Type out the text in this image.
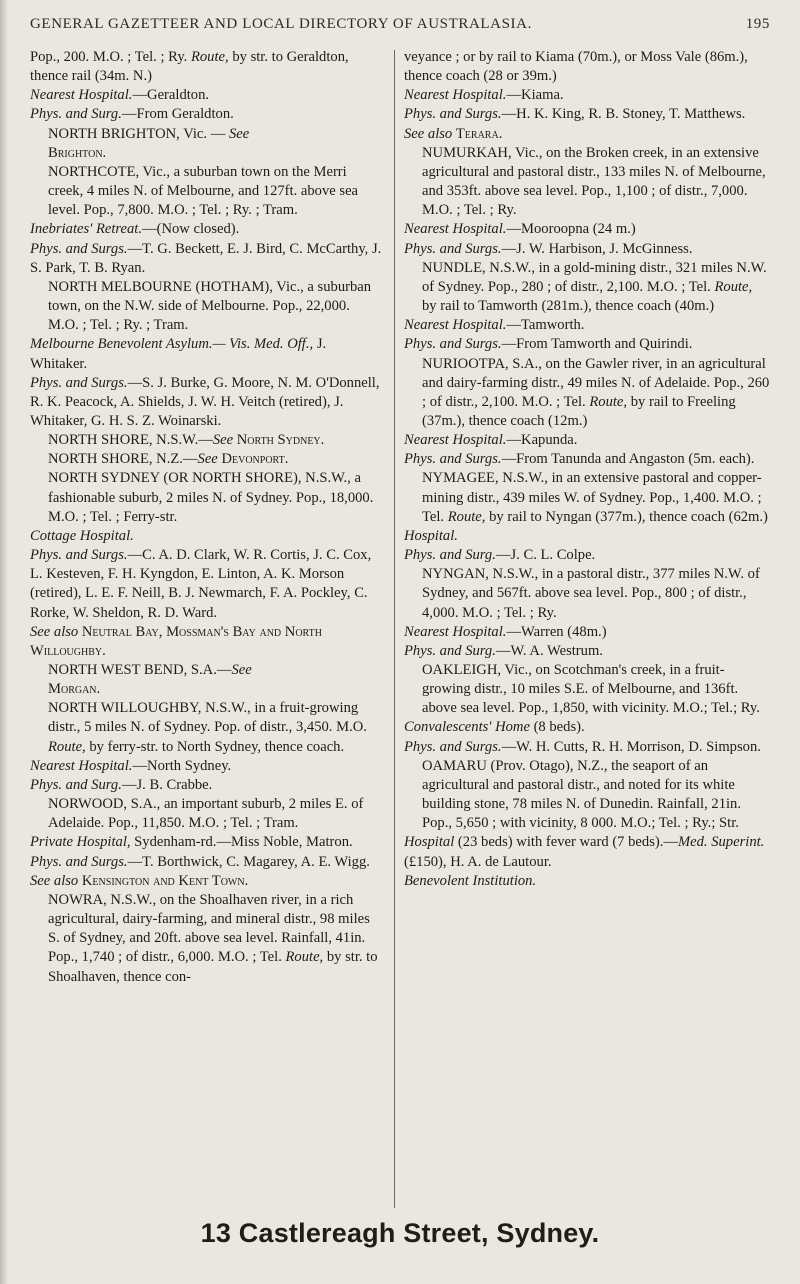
GENERAL GAZETTEER AND LOCAL DIRECTORY OF AUSTRALASIA.	195

Pop., 200. M.O. ; Tel. ; Ry. Route, by str. to Geraldton, thence rail (34m. N.)

Nearest Hospital.—Geraldton.

Phys. and Surg.—From Geraldton.

NORTH BRIGHTON, Vic. — See
Brighton.

NORTHCOTE, Vic., a suburban town on the Merri creek, 4 miles N. of Melbourne, and 127ft. above sea level. Pop., 7,800. M.O. ; Tel. ; Ry. ; Tram.

Inebriates' Retreat.—(Now closed).

Phys. and Surgs.—T. G. Beckett, E. J. Bird, C. McCarthy, J. S. Park, T. B. Ryan.

NORTH MELBOURNE (HOTHAM), Vic., a suburban town, on the N.W. side of Melbourne. Pop., 22,000. M.O. ; Tel. ; Ry. ; Tram.

Melbourne Benevolent Asylum.— Vis. Med. Off., J. Whitaker.

Phys. and Surgs.—S. J. Burke, G. Moore, N. M. O'Donnell, R. K. Peacock, A. Shields, J. W. H. Veitch (retired), J. Whitaker, G. H. S. Z. Woinarski.

NORTH SHORE, N.S.W.—See North Sydney.

NORTH SHORE, N.Z.—See Devonport.

NORTH SYDNEY (OR NORTH SHORE), N.S.W., a fashionable suburb, 2 miles N. of Sydney. Pop., 18,000. M.O. ; Tel. ; Ferry-str.

Cottage Hospital.

Phys. and Surgs.—C. A. D. Clark, W. R. Cortis, J. C. Cox, L. Kesteven, F. H. Kyngdon, E. Linton, A. K. Morson (retired), L. E. F. Neill, B. J. Newmarch, F. A. Pockley, C. Rorke, W. Sheldon, R. D. Ward.

See also Neutral Bay, Mossman's Bay and North Willoughby.

NORTH WEST BEND, S.A.—See
Morgan.

NORTH WILLOUGHBY, N.S.W., in a fruit-growing distr., 5 miles N. of Sydney. Pop. of distr., 3,450. M.O. Route, by ferry-str. to North Sydney, thence coach.

Nearest Hospital.—North Sydney.

Phys. and Surg.—J. B. Crabbe.

NORWOOD, S.A., an important suburb, 2 miles E. of Adelaide. Pop., 11,850. M.O. ; Tel. ; Tram.

Private Hospital, Sydenham-rd.—Miss Noble, Matron.

Phys. and Surgs.—T. Borthwick, C. Magarey, A. E. Wigg.

See also Kensington and Kent Town.

NOWRA, N.S.W., on the Shoalhaven river, in a rich agricultural, dairy-farming, and mineral distr., 98 miles S. of Sydney, and 20ft. above sea level. Rainfall, 41in. Pop., 1,740 ; of distr., 6,000. M.O. ; Tel. Route, by str. to Shoalhaven, thence con-

veyance ; or by rail to Kiama (70m.), or Moss Vale (86m.), thence coach (28 or 39m.)

Nearest Hospital.—Kiama.

Phys. and Surgs.—H. K. King, R. B. Stoney, T. Matthews.

See also Terara.

NUMURKAH, Vic., on the Broken creek, in an extensive agricultural and pastoral distr., 133 miles N. of Melbourne, and 353ft. above sea level. Pop., 1,100 ; of distr., 7,000. M.O. ; Tel. ; Ry.

Nearest Hospital.—Mooroopna (24 m.)

Phys. and Surgs.—J. W. Harbison, J. McGinness.

NUNDLE, N.S.W., in a gold-mining distr., 321 miles N.W. of Sydney. Pop., 280 ; of distr., 2,100. M.O. ; Tel. Route, by rail to Tamworth (281m.), thence coach (40m.)

Nearest Hospital.—Tamworth.

Phys. and Surgs.—From Tamworth and Quirindi.

NURIOOTPA, S.A., on the Gawler river, in an agricultural and dairy-farming distr., 49 miles N. of Adelaide. Pop., 260 ; of distr., 2,100. M.O. ; Tel. Route, by rail to Freeling (37m.), thence coach (12m.)

Nearest Hospital.—Kapunda.

Phys. and Surgs.—From Tanunda and Angaston (5m. each).

NYMAGEE, N.S.W., in an extensive pastoral and copper-mining distr., 439 miles W. of Sydney. Pop., 1,400. M.O. ; Tel. Route, by rail to Nyngan (377m.), thence coach (62m.)

Hospital.

Phys. and Surg.—J. C. L. Colpe.

NYNGAN, N.S.W., in a pastoral distr., 377 miles N.W. of Sydney, and 567ft. above sea level. Pop., 800 ; of distr., 4,000. M.O. ; Tel. ; Ry.

Nearest Hospital.—Warren (48m.)

Phys. and Surg.—W. A. Westrum.

OAKLEIGH, Vic., on Scotchman's creek, in a fruit-growing distr., 10 miles S.E. of Melbourne, and 136ft. above sea level. Pop., 1,850, with vicinity. M.O.; Tel.; Ry.

Convalescents' Home (8 beds).

Phys. and Surgs.—W. H. Cutts, R. H. Morrison, D. Simpson.

OAMARU (Prov. Otago), N.Z., the seaport of an agricultural and pastoral distr., and noted for its white building stone, 78 miles N. of Dunedin. Rainfall, 21in. Pop., 5,650 ; with vicinity, 8 000. M.O.; Tel. ; Ry.; Str.

Hospital (23 beds) with fever ward (7 beds).—Med. Superint. (£150), H. A. de Lautour.

Benevolent Institution.

13 Castlereagh Street, Sydney.
